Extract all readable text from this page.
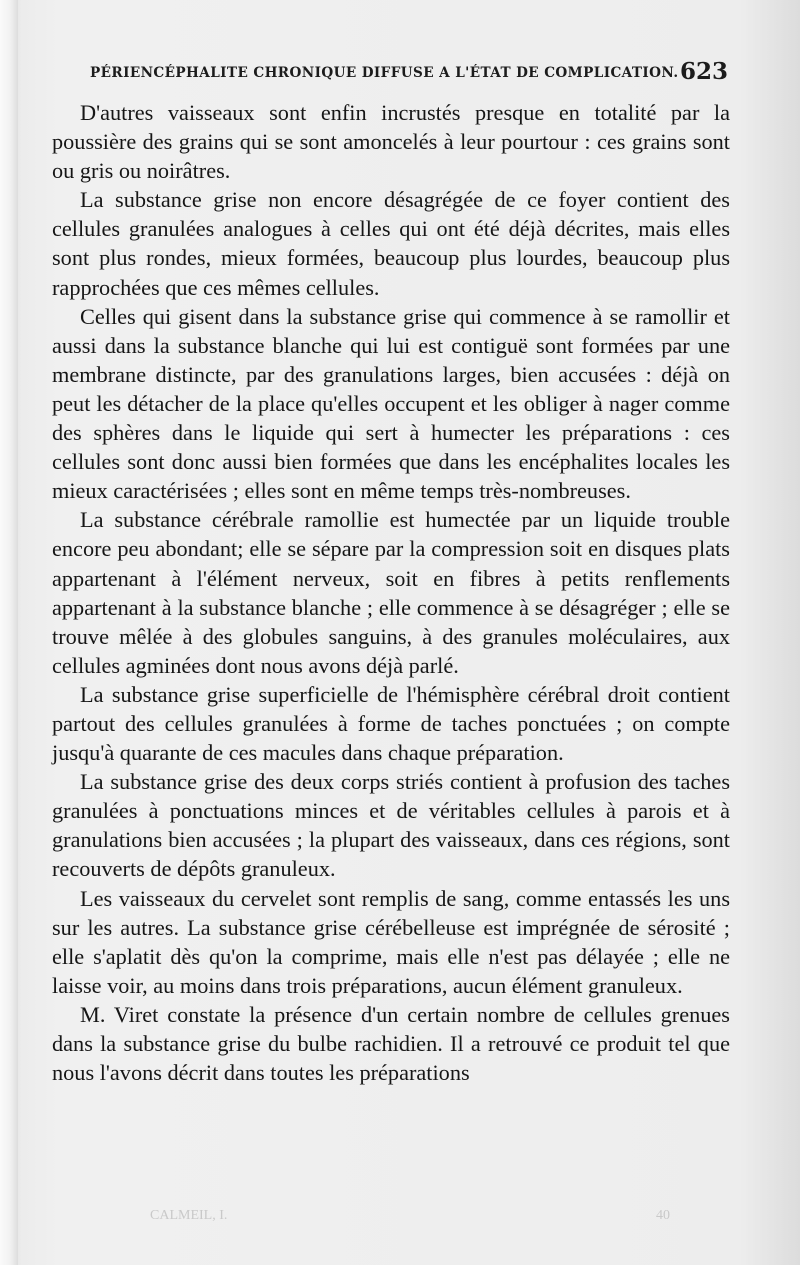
PÉRIENCÉPHALITE CHRONIQUE DIFFUSE A L'ÉTAT DE COMPLICATION. 623

D'autres vaisseaux sont enfin incrustés presque en totalité par la poussière des grains qui se sont amoncelés à leur pourtour : ces grains sont ou gris ou noirâtres.

La substance grise non encore désagrégée de ce foyer contient des cellules granulées analogues à celles qui ont été déjà décrites, mais elles sont plus rondes, mieux formées, beaucoup plus lourdes, beaucoup plus rapprochées que ces mêmes cellules.

Celles qui gisent dans la substance grise qui commence à se ramollir et aussi dans la substance blanche qui lui est contiguë sont formées par une membrane distincte, par des granulations larges, bien accusées : déjà on peut les détacher de la place qu'elles occupent et les obliger à nager comme des sphères dans le liquide qui sert à humecter les préparations : ces cellules sont donc aussi bien formées que dans les encéphalites locales les mieux caractérisées ; elles sont en même temps très-nombreuses.

La substance cérébrale ramollie est humectée par un liquide trouble encore peu abondant; elle se sépare par la compression soit en disques plats appartenant à l'élément nerveux, soit en fibres à petits renflements appartenant à la substance blanche ; elle commence à se désagréger ; elle se trouve mêlée à des globules sanguins, à des granules moléculaires, aux cellules agminées dont nous avons déjà parlé.

La substance grise superficielle de l'hémisphère cérébral droit contient partout des cellules granulées à forme de taches ponctuées ; on compte jusqu'à quarante de ces macules dans chaque préparation.

La substance grise des deux corps striés contient à profusion des taches granulées à ponctuations minces et de véritables cellules à parois et à granulations bien accusées ; la plupart des vaisseaux, dans ces régions, sont recouverts de dépôts granuleux.

Les vaisseaux du cervelet sont remplis de sang, comme entassés les uns sur les autres. La substance grise cérébelleuse est imprégnée de sérosité ; elle s'aplatit dès qu'on la comprime, mais elle n'est pas délayée ; elle ne laisse voir, au moins dans trois préparations, aucun élément granuleux.

M. Viret constate la présence d'un certain nombre de cellules grenues dans la substance grise du bulbe rachidien. Il a retrouvé ce produit tel que nous l'avons décrit dans toutes les préparations

CALMEIL, I.	40
